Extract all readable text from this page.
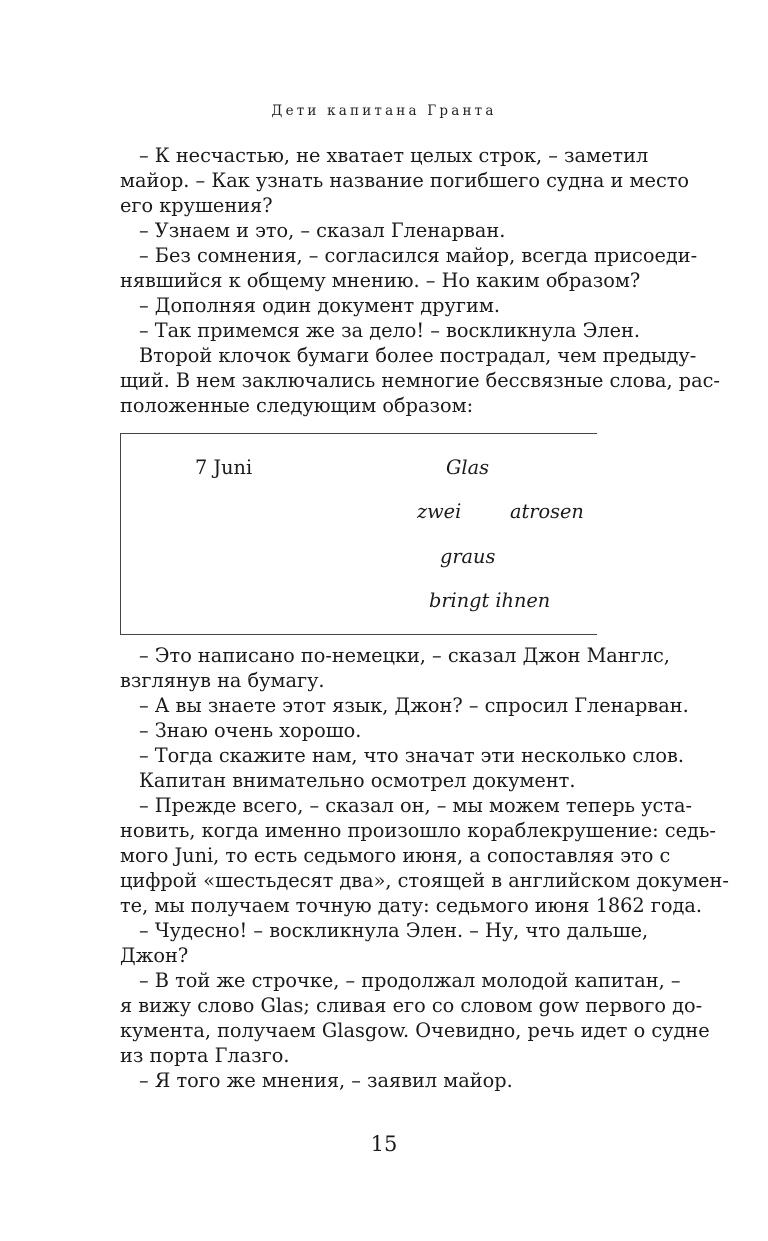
Дети капитана Гранта
– К несчастью, не хватает целых строк, – заметил
майор. – Как узнать название погибшего судна и место
его крушения?
– Узнаем и это, – сказал Гленарван.
– Без сомнения, – согласился майор, всегда присоеди-
нявшийся к общему мнению. – Но каким образом?
– Дополняя один документ другим.
– Так примемся же за дело! – воскликнула Элен.
Второй клочок бумаги более пострадал, чем предыду-
щий. В нем заключались немногие бессвязные слова, рас-
положенные следующим образом:
7 Juni	Glas
zwei	atrosen
graus
bringt ihnen
– Это написано по-немецки, – сказал Джон Манглс,
взглянув на бумагу.
– А вы знаете этот язык, Джон? – спросил Гленарван.
– Знаю очень хорошо.
– Тогда скажите нам, что значат эти несколько слов.
Капитан внимательно осмотрел документ.
– Прежде всего, – сказал он, – мы можем теперь уста-
новить, когда именно произошло кораблекрушение: седь-
мого Juni, то есть седьмого июня, а сопоставляя это с
цифрой «шестьдесят два», стоящей в английском докумен-
те, мы получаем точную дату: седьмого июня 1862 года.
– Чудесно! – воскликнула Элен. – Ну, что дальше,
Джон?
– В той же строчке, – продолжал молодой капитан, –
я вижу слово Glas; сливая его со словом gow первого до-
кумента, получаем Glasgow. Очевидно, речь идет о судне
из порта Глазго.
– Я того же мнения, – заявил майор.
15
